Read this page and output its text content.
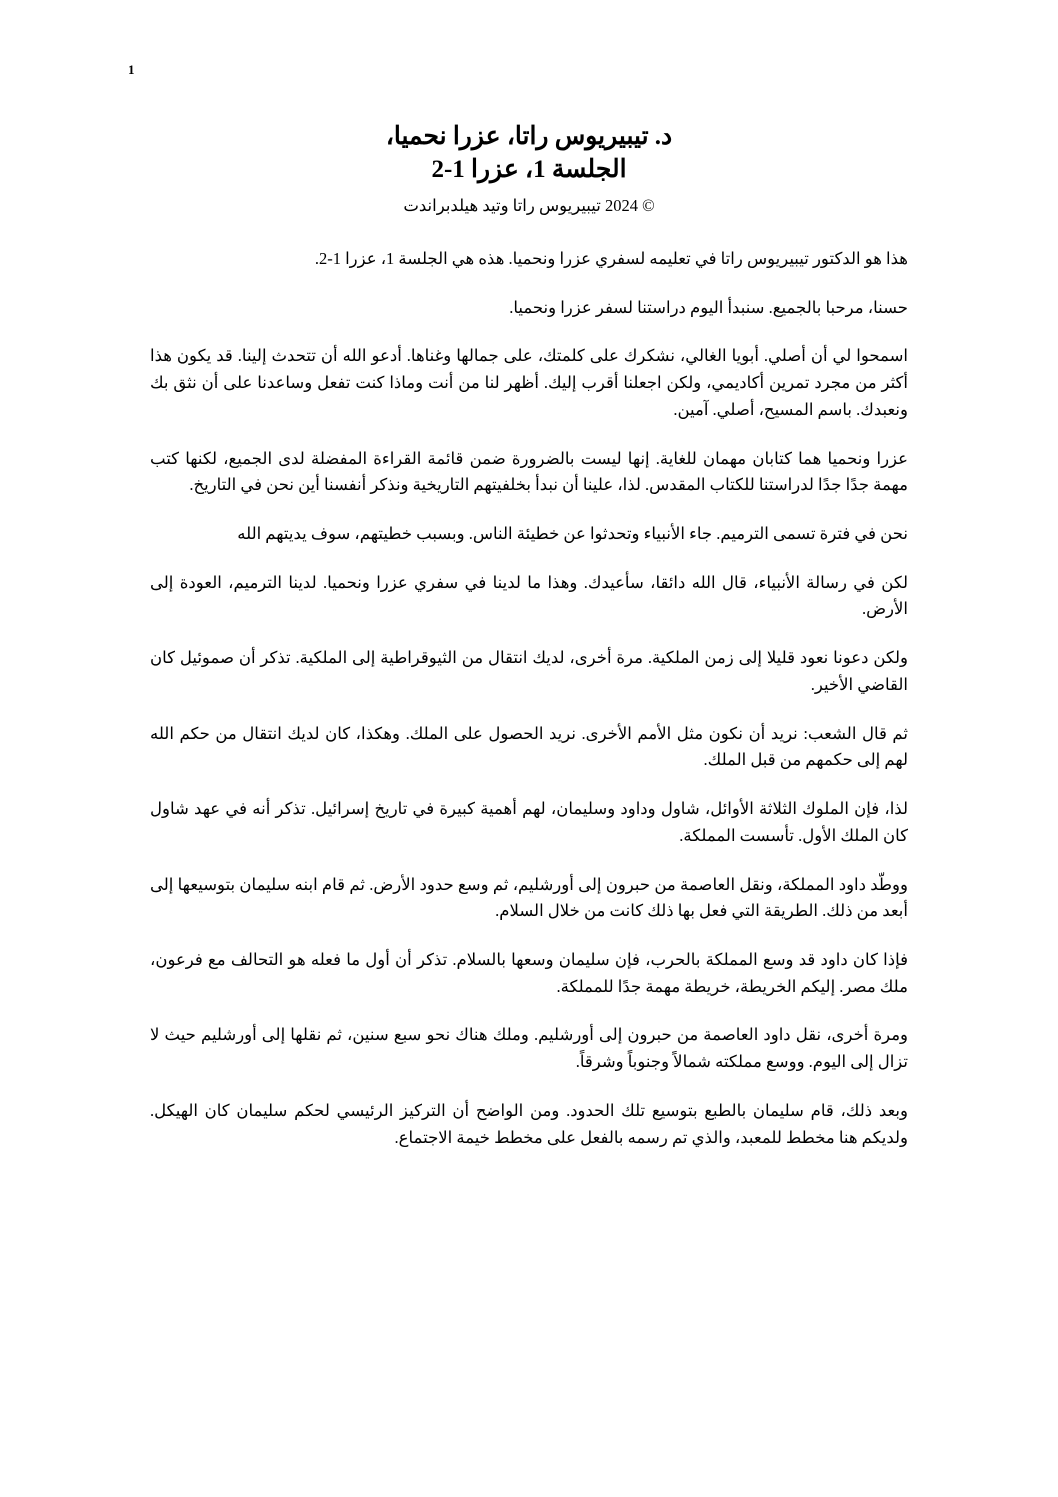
1
د. تيبيريوس راتا، عزرا نحميا،
الجلسة 1، عزرا 1-2
© 2024 تيبيريوس راتا وتيد هيلدبراندت

هذا هو الدكتور تيبيريوس راتا في تعليمه لسفري عزرا ونحميا. هذه هي الجلسة 1، عزرا 1-2.

حسنا، مرحبا بالجميع. سنبدأ اليوم دراستنا لسفر عزرا ونحميا.

اسمحوا لي أن أصلي. أبويا الغالي، نشكرك على كلمتك، على جمالها وغناها. أدعو الله أن تتحدث إلينا. قد يكون هذا أكثر من مجرد تمرين أكاديمي، ولكن اجعلنا أقرب إليك. أظهر لنا من أنت وماذا كنت تفعل وساعدنا على أن نثق بك ونعبدك. باسم المسيح، أصلي. آمين.

عزرا ونحميا هما كتابان مهمان للغاية. إنها ليست بالضرورة ضمن قائمة القراءة المفضلة لدى الجميع، لكنها كتب مهمة جدًا جدًا لدراستنا للكتاب المقدس. لذا، علينا أن نبدأ بخلفيتهم التاريخية ونذكر أنفسنا أين نحن في التاريخ.

نحن في فترة تسمى الترميم. جاء الأنبياء وتحدثوا عن خطيئة الناس. وبسبب خطيتهم، سوف يديتهم الله

لكن في رسالة الأنبياء، قال الله دائقا، سأعيدك. وهذا ما لدينا في سفري عزرا ونحميا. لدينا الترميم، العودة إلى الأرض.

ولكن دعونا نعود قليلا إلى زمن الملكية. مرة أخرى، لديك انتقال من الثيوقراطية إلى الملكية. تذكر أن صموئيل كان القاضي الأخير.

ثم قال الشعب: نريد أن نكون مثل الأمم الأخرى. نريد الحصول على الملك. وهكذا، كان لديك انتقال من حكم الله لهم إلى حكمهم من قبل الملك.

لذا، فإن الملوك الثلاثة الأوائل، شاول وداود وسليمان، لهم أهمية كبيرة في تاريخ إسرائيل. تذكر أنه في عهد شاول كان الملك الأول. تأسست المملكة.

ووطّد داود المملكة، ونقل العاصمة من حبرون إلى أورشليم، ثم وسع حدود الأرض. ثم قام ابنه سليمان بتوسيعها إلى أبعد من ذلك. الطريقة التي فعل بها ذلك كانت من خلال السلام.

فإذا كان داود قد وسع المملكة بالحرب، فإن سليمان وسعها بالسلام. تذكر أن أول ما فعله هو التحالف مع فرعون، ملك مصر. إليكم الخريطة، خريطة مهمة جدًا للمملكة.

ومرة أخرى، نقل داود العاصمة من حبرون إلى أورشليم. وملك هناك نحو سبع سنين، ثم نقلها إلى أورشليم حيث لا تزال إلى اليوم. ووسع مملكته شمالاً وجنوباً وشرقاً.

وبعد ذلك، قام سليمان بالطبع بتوسيع تلك الحدود. ومن الواضح أن التركيز الرئيسي لحكم سليمان كان الهيكل. ولديكم هنا مخطط للمعبد، والذي تم رسمه بالفعل على مخطط خيمة الاجتماع.
